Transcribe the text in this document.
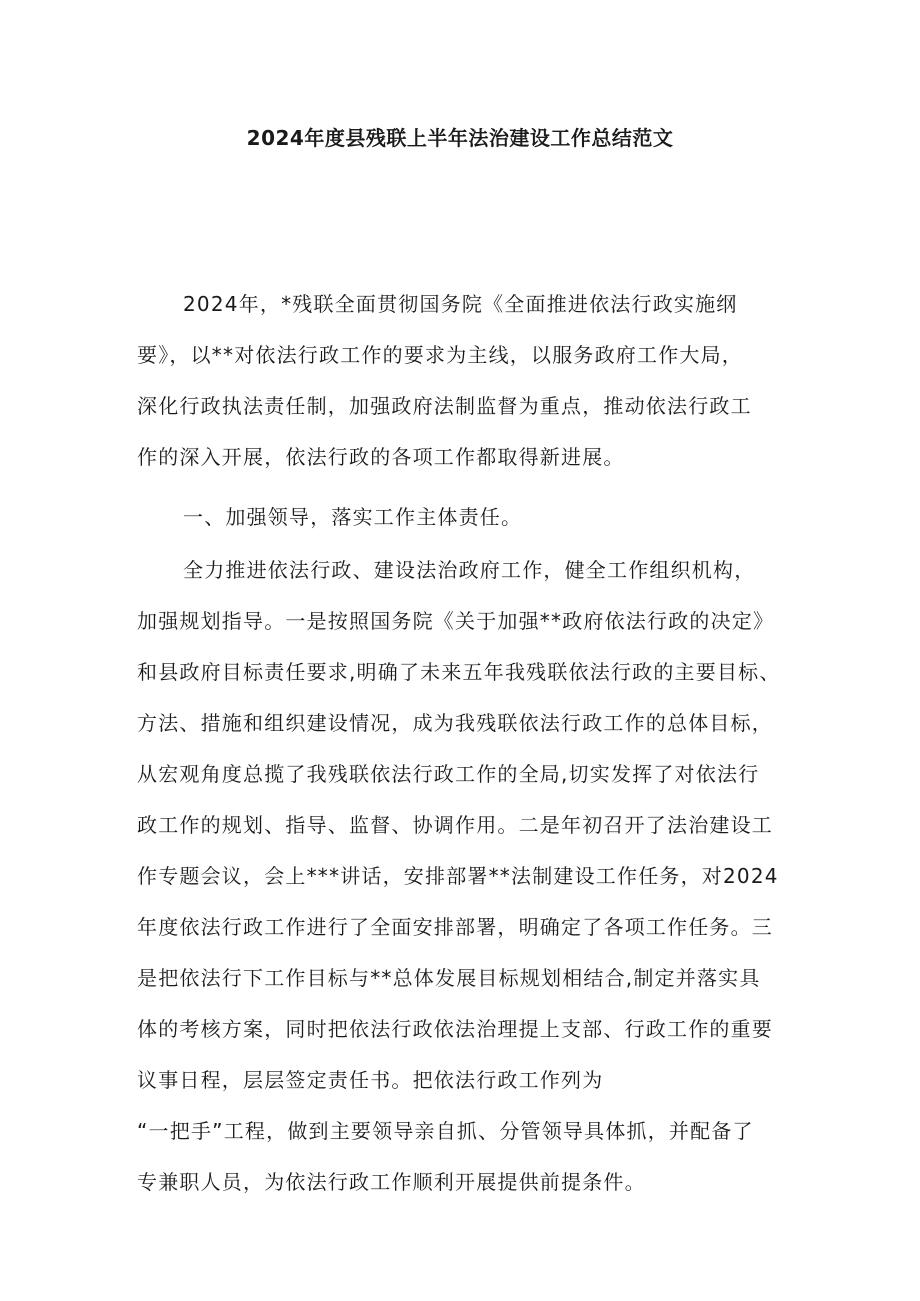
2024年度县残联上半年法治建设工作总结范文
2024年，*残联全面贯彻国务院《全面推进依法行政实施纲
要》，以**对依法行政工作的要求为主线，以服务政府工作大局，
深化行政执法责任制，加强政府法制监督为重点，推动依法行政工
作的深入开展，依法行政的各项工作都取得新进展。
一、加强领导，落实工作主体责任。
全力推进依法行政、建设法治政府工作，健全工作组织机构，
加强规划指导。一是按照国务院《关于加强**政府依法行政的决定》
和县政府目标责任要求,明确了未来五年我残联依法行政的主要目标、
方法、措施和组织建设情况，成为我残联依法行政工作的总体目标，
从宏观角度总揽了我残联依法行政工作的全局,切实发挥了对依法行
政工作的规划、指导、监督、协调作用。二是年初召开了法治建设工
作专题会议，会上***讲话，安排部署**法制建设工作任务，对2024
年度依法行政工作进行了全面安排部署，明确定了各项工作任务。三
是把依法行下工作目标与**总体发展目标规划相结合,制定并落实具
体的考核方案，同时把依法行政依法治理提上支部、行政工作的重要
议事日程，层层签定责任书。把依法行政工作列为
“一把手”工程，做到主要领导亲自抓、分管领导具体抓，并配备了
专兼职人员，为依法行政工作顺利开展提供前提条件。
